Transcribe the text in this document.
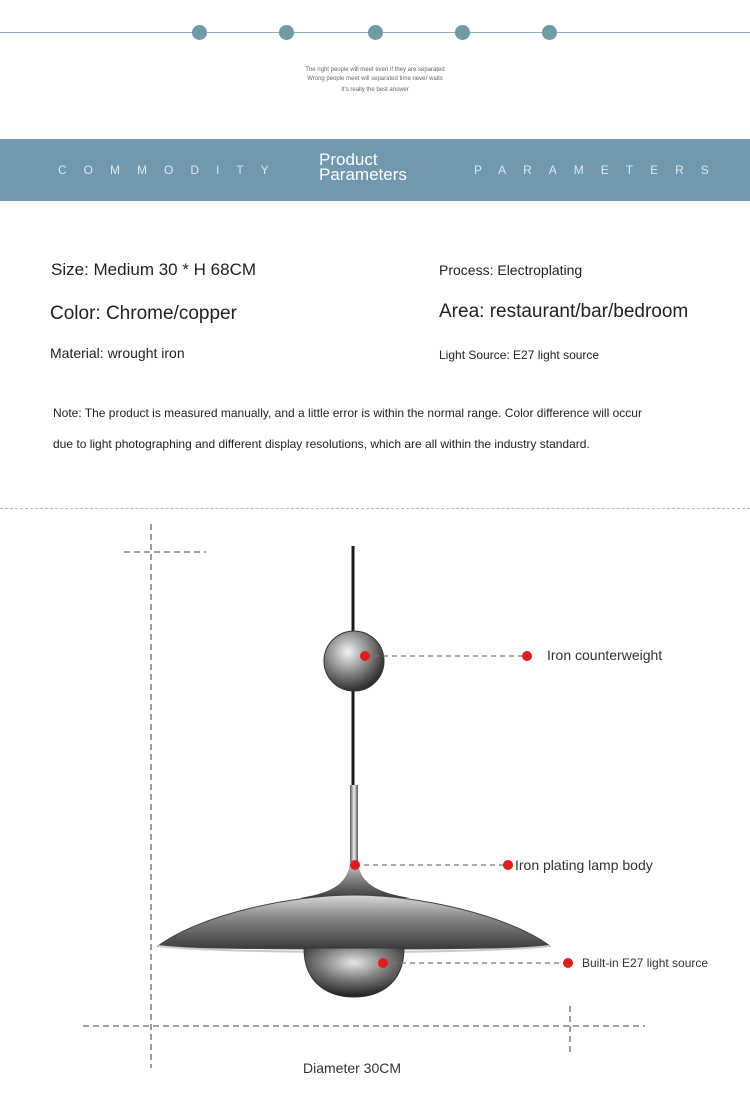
The right people will meet even if they are separated
Wrong people meet will separated time never waits
It's really the best answer
COMMODITY
Product
Parameters	PARAMETERS
Size: Medium 30 * H 68CM
Color: Chrome/copper
Material: wrought iron
Process: Electroplating
Area: restaurant/bar/bedroom
Light Source: E27 light source
Note: The product is measured manually, and a little error is within the normal range. Color difference will occur
due to light photographing and different display resolutions, which are all within the industry standard.
Iron counterweight
Iron plating lamp body
Built-in E27 light source
Diameter 30CM
